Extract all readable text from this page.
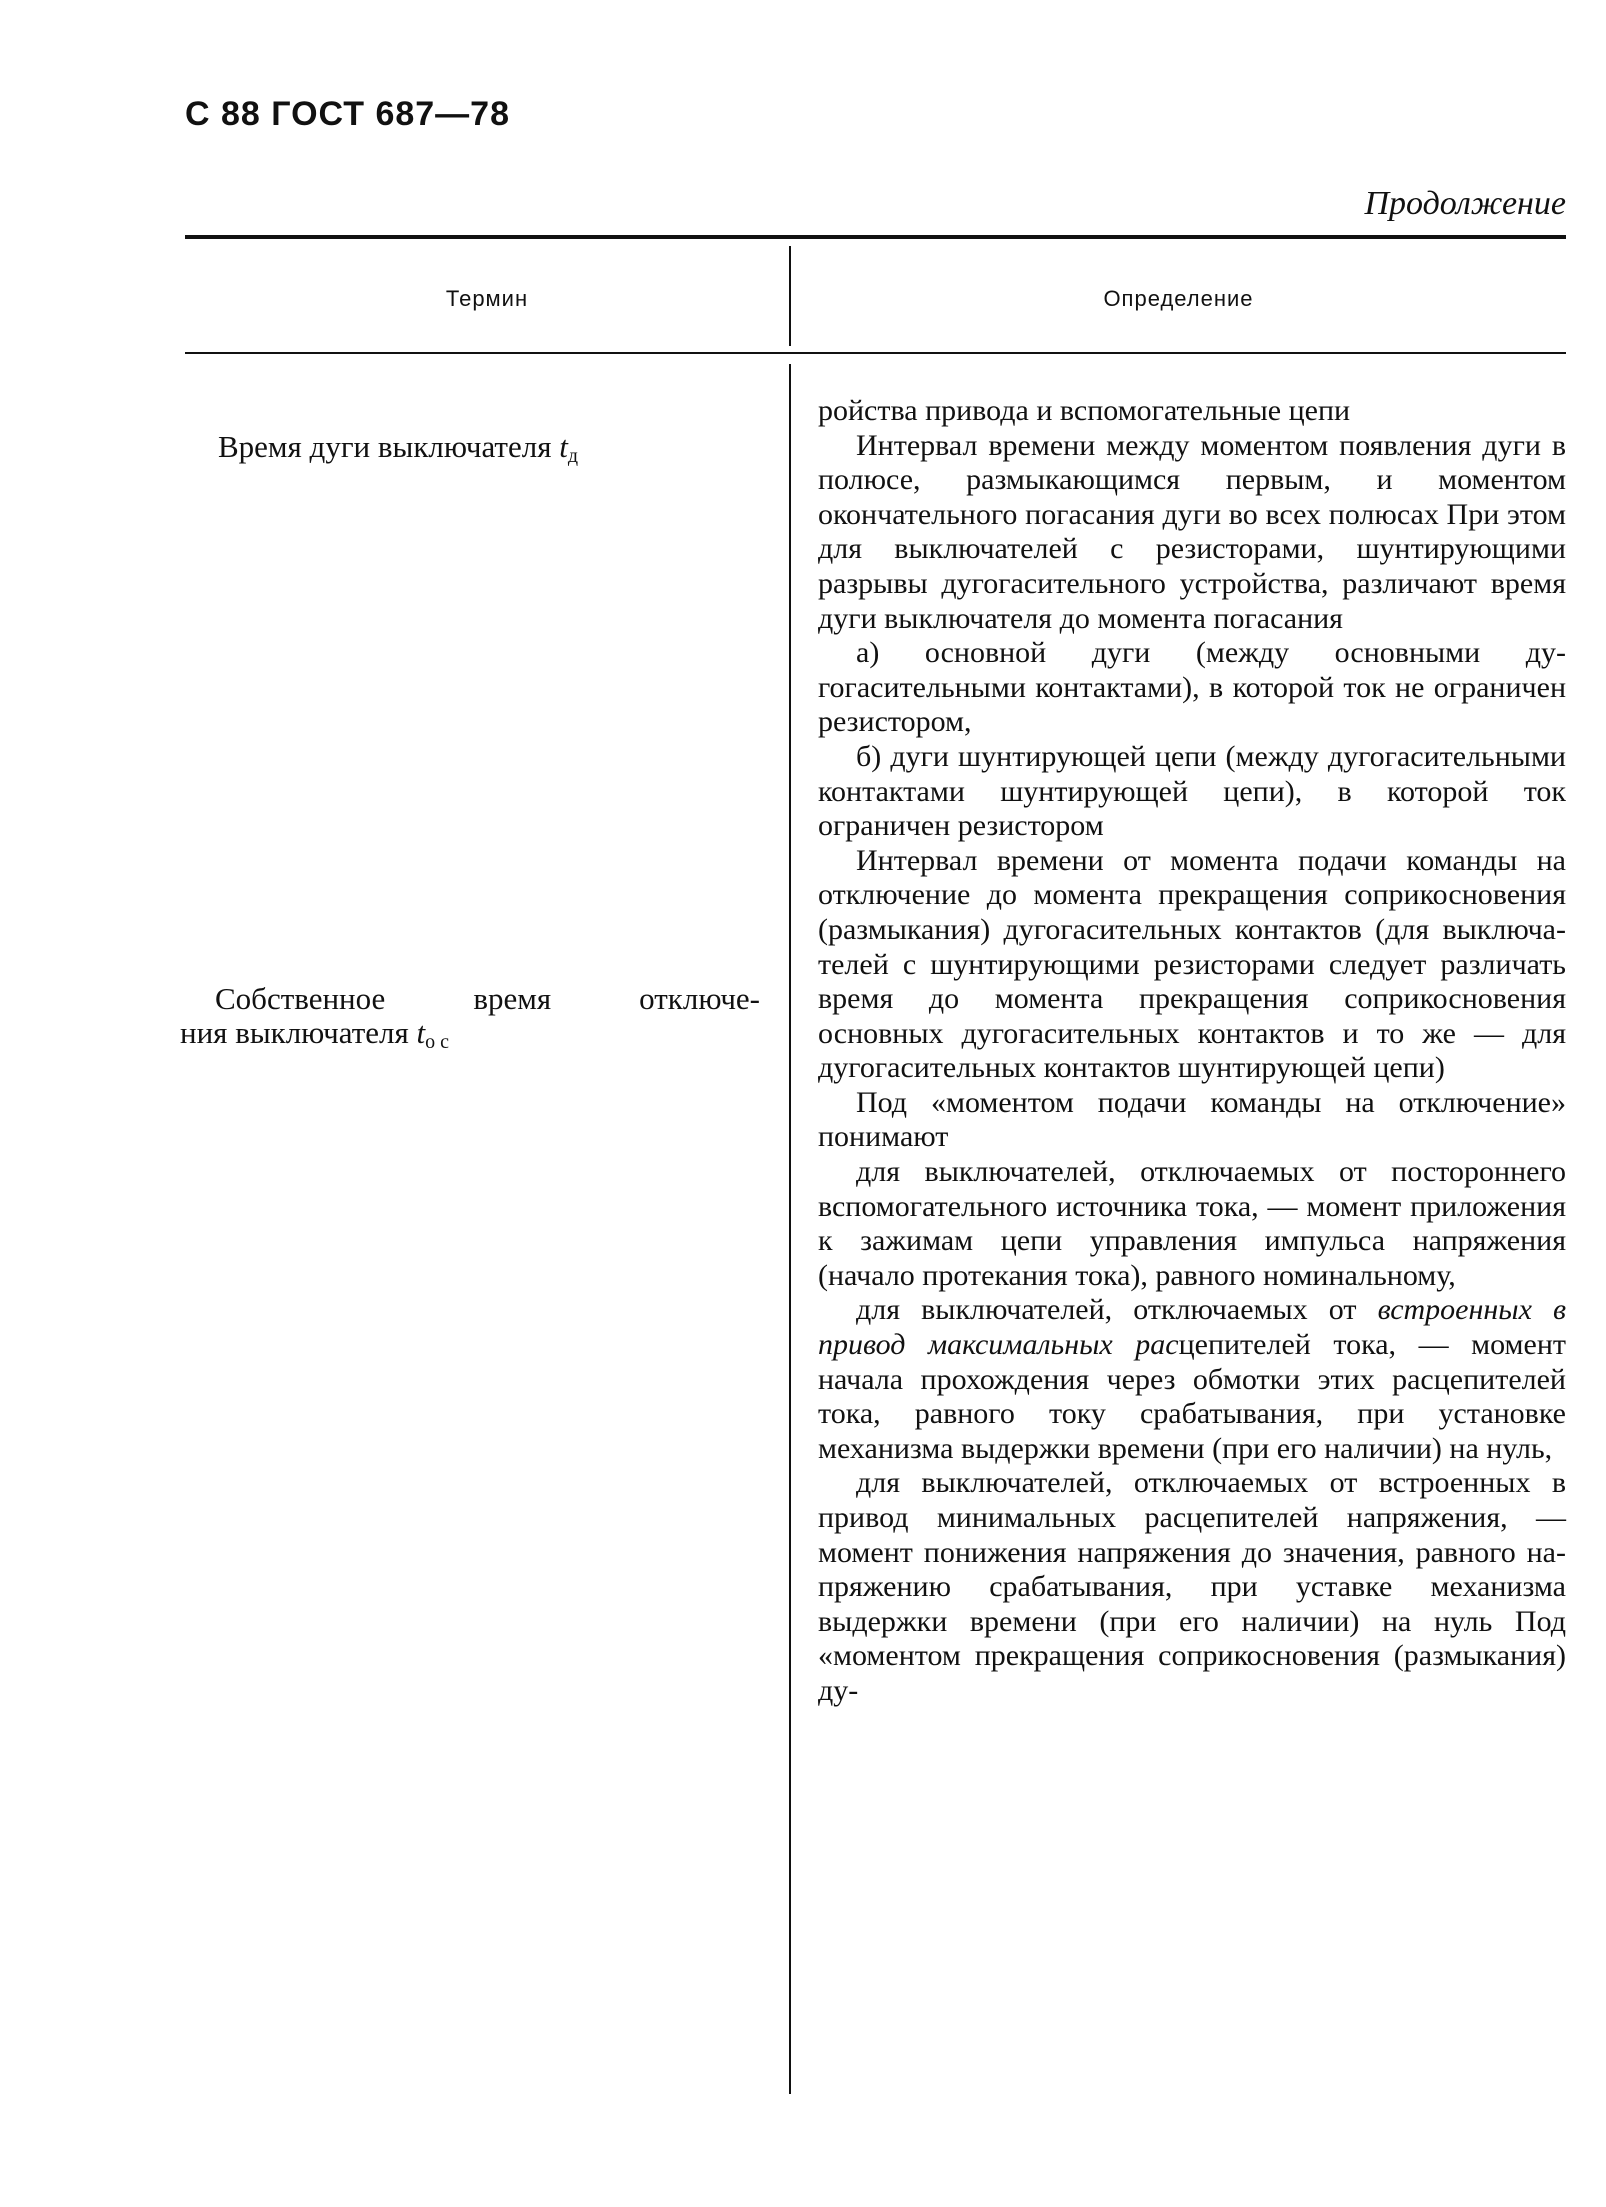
С 88 ГОСТ 687—78
Продолжение
Термин	Определение
Время дуги выключателя $t_д$
Собственное время отключе-
ния выключателя $t_{о с}$

ройства привода и вспомогательные цепи

Интервал времени между моментом появления дуги в полюсе, размыкающимся первым, и моментом окончательного погасания дуги во всех полюсах При этом для выключателей с резисторами, шунтирующими разрывы дугогасительного устройства, различают время дуги выключателя до момента погасания

а) основной дуги (между основными дугогасительными контактами), в которой ток не ограничен резистором,

б) дуги шунтирующей цепи (между дугогасительными контактами шунтирующей цепи), в которой ток ограничен резистором

Интервал времени от момента подачи команды на отключение до момента прекращения соприкосновения (размыкания) дугогасительных контактов (для выключателей с шунтирующими резисторами следует различать время до момента прекращения соприкосновения основных дугогасительных контактов и то же — для дугогасительных контактов шунтирующей цепи)

Под «моментом подачи команды на отключение» понимают

для выключателей, отключаемых от постороннего вспомогательного источника тока, — момент приложения к зажимам цепи управления импульса напряжения (начало протекания тока), равного номинальному,

для выключателей, отключаемых от встроенных в привод максимальных расцепителей тока, — момент начала прохождения через обмотки этих расцепителей тока, равного току срабатывания, при установке механизма выдержки времени (при его наличии) на нуль,

для выключателей, отключаемых от встроенных в привод минимальных расцепителей напряжения, — момент понижения напряжения до значения, равного напряжению срабатывания, при уставке механизма выдержки времени (при его наличии) на нуль Под «моментом прекращения соприкосновения (размыкания) ду-
